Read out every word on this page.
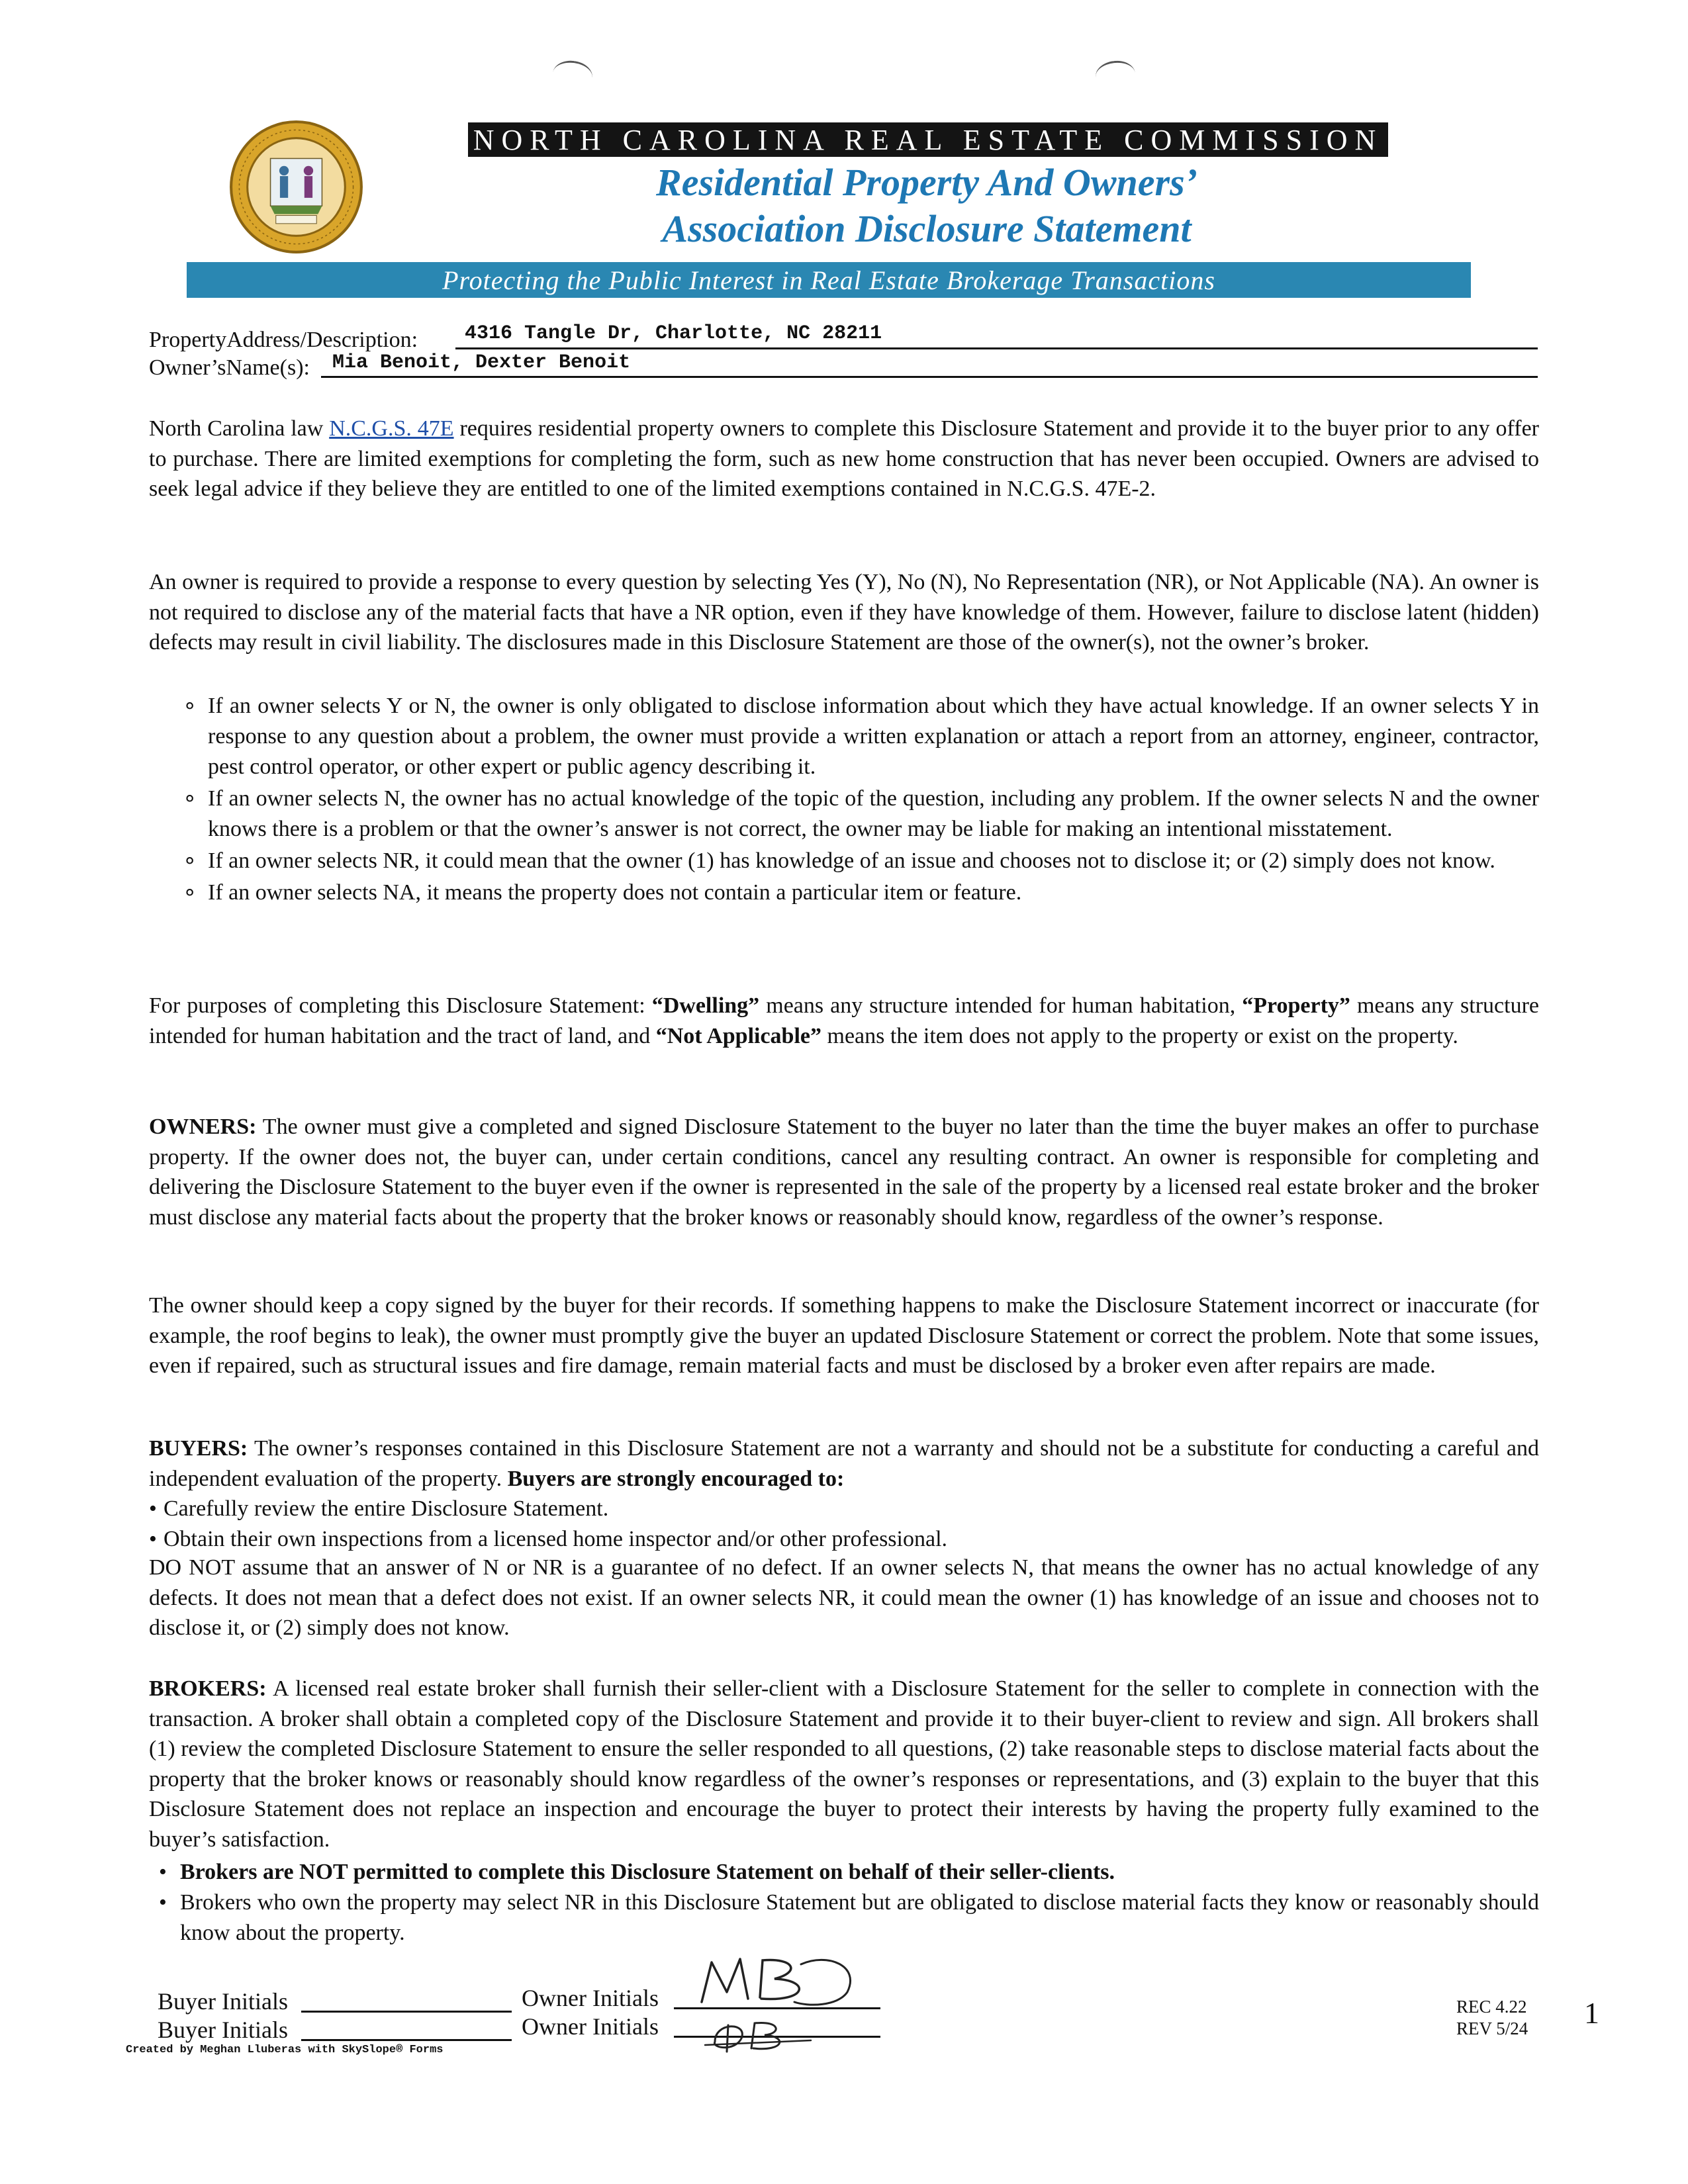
NORTH CAROLINA REAL ESTATE COMMISSION
Residential Property And Owners’
Association Disclosure Statement
Protecting the Public Interest in Real Estate Brokerage Transactions
PropertyAddress/Description: 4316 Tangle Dr, Charlotte, NC 28211
Owner’sName(s): Mia Benoit, Dexter Benoit
North Carolina law N.C.G.S. 47E requires residential property owners to complete this Disclosure Statement and provide it to the buyer prior to any offer to purchase. There are limited exemptions for completing the form, such as new home construction that has never been occupied. Owners are advised to seek legal advice if they believe they are entitled to one of the limited exemptions contained in N.C.G.S. 47E-2.
An owner is required to provide a response to every question by selecting Yes (Y), No (N), No Representation (NR), or Not Applicable (NA). An owner is not required to disclose any of the material facts that have a NR option, even if they have knowledge of them. However, failure to disclose latent (hidden) defects may result in civil liability. The disclosures made in this Disclosure Statement are those of the owner(s), not the owner’s broker.
∘ If an owner selects Y or N, the owner is only obligated to disclose information about which they have actual knowledge. If an owner selects Y in response to any question about a problem, the owner must provide a written explanation or attach a report from an attorney, engineer, contractor, pest control operator, or other expert or public agency describing it.
∘ If an owner selects N, the owner has no actual knowledge of the topic of the question, including any problem. If the owner selects N and the owner knows there is a problem or that the owner’s answer is not correct, the owner may be liable for making an intentional misstatement.
∘ If an owner selects NR, it could mean that the owner (1) has knowledge of an issue and chooses not to disclose it; or (2) simply does not know.
∘ If an owner selects NA, it means the property does not contain a particular item or feature.
For purposes of completing this Disclosure Statement: “Dwelling” means any structure intended for human habitation, “Property” means any structure intended for human habitation and the tract of land, and “Not Applicable” means the item does not apply to the property or exist on the property.
OWNERS: The owner must give a completed and signed Disclosure Statement to the buyer no later than the time the buyer makes an offer to purchase property. If the owner does not, the buyer can, under certain conditions, cancel any resulting contract. An owner is responsible for completing and delivering the Disclosure Statement to the buyer even if the owner is represented in the sale of the property by a licensed real estate broker and the broker must disclose any material facts about the property that the broker knows or reasonably should know, regardless of the owner’s response.
The owner should keep a copy signed by the buyer for their records. If something happens to make the Disclosure Statement incorrect or inaccurate (for example, the roof begins to leak), the owner must promptly give the buyer an updated Disclosure Statement or correct the problem. Note that some issues, even if repaired, such as structural issues and fire damage, remain material facts and must be disclosed by a broker even after repairs are made.
BUYERS: The owner’s responses contained in this Disclosure Statement are not a warranty and should not be a substitute for conducting a careful and independent evaluation of the property. Buyers are strongly encouraged to:
• Carefully review the entire Disclosure Statement.
• Obtain their own inspections from a licensed home inspector and/or other professional.
DO NOT assume that an answer of N or NR is a guarantee of no defect. If an owner selects N, that means the owner has no actual knowledge of any defects. It does not mean that a defect does not exist. If an owner selects NR, it could mean the owner (1) has knowledge of an issue and chooses not to disclose it, or (2) simply does not know.
BROKERS: A licensed real estate broker shall furnish their seller-client with a Disclosure Statement for the seller to complete in connection with the transaction. A broker shall obtain a completed copy of the Disclosure Statement and provide it to their buyer-client to review and sign. All brokers shall (1) review the completed Disclosure Statement to ensure the seller responded to all questions, (2) take reasonable steps to disclose material facts about the property that the broker knows or reasonably should know regardless of the owner’s responses or representations, and (3) explain to the buyer that this Disclosure Statement does not replace an inspection and encourage the buyer to protect their interests by having the property fully examined to the buyer’s satisfaction.
• Brokers are NOT permitted to complete this Disclosure Statement on behalf of their seller-clients.
• Brokers who own the property may select NR in this Disclosure Statement but are obligated to disclose material facts they know or reasonably should know about the property.
Buyer Initials
Buyer Initials
Owner Initials
Owner Initials
Created by Meghan Lluberas with SkySlope® Forms
REC 4.22
REV 5/24 1
